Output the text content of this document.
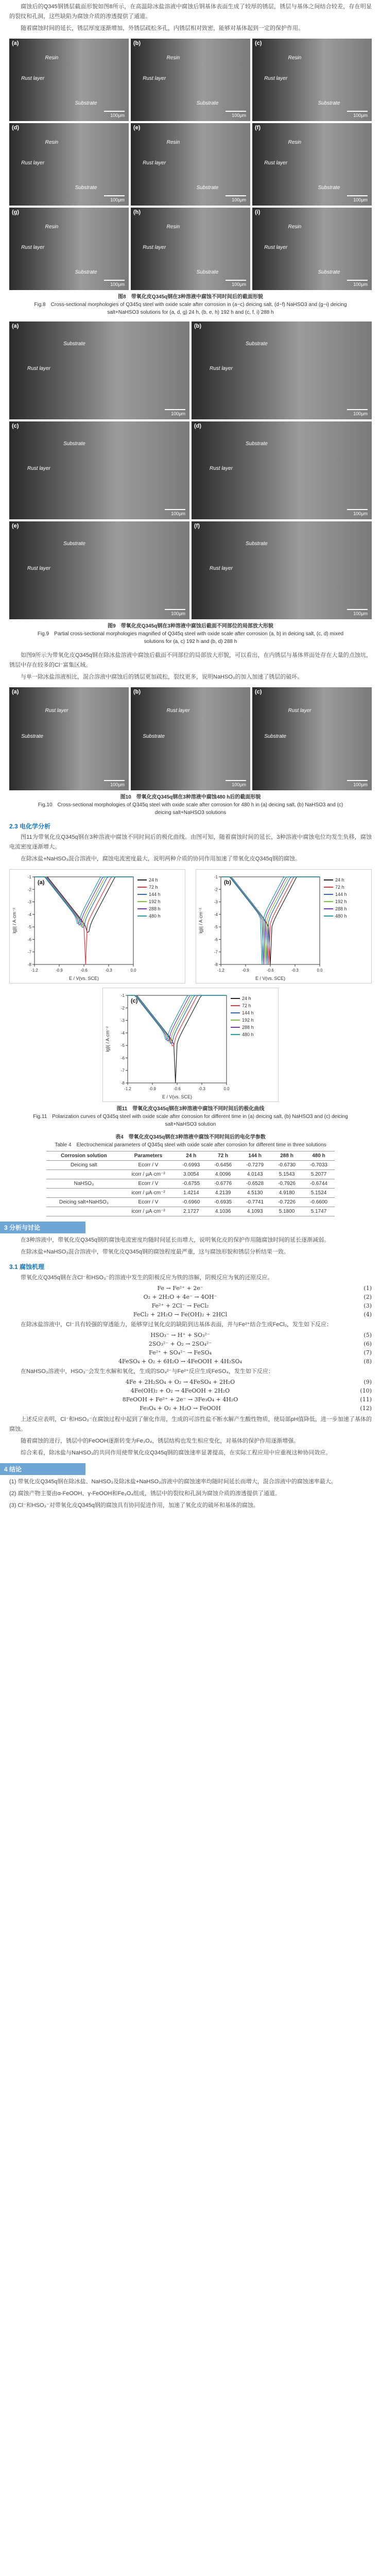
腐蚀后的Q345钢锈层截面形貌如图8所示，在高温除冰盐溶液中腐蚀后钢基体表面生成了较厚的锈层，锈层与基体之间结合较差，存在明显的裂纹和孔洞，这些缺陷为腐蚀介质的渗透提供了通道。

随着腐蚀时间的延长，锈层厚度逐渐增加，外锈层疏松多孔，内锈层相对致密，能够对基体起到一定的保护作用。

(a)
Resin
Rust layer
Substrate
100μm
(b)
Resin
Rust layer
Substrate
100μm
(c)
Resin
Rust layer
Substrate
100μm
(d)
Resin
Rust layer
Substrate
100μm
(e)
Resin
Rust layer
Substrate
100μm
(f)
Resin
Rust layer
Substrate
100μm
(g)
Resin
Rust layer
Substrate
100μm
(h)
Resin
Rust layer
Substrate
100μm
(i)
Resin
Rust layer
Substrate
100μm
图8　带氧化皮Q345q钢在3种溶液中腐蚀不同时间后的截面形貌
Fig.8　Cross-sectional morphologies of Q345q steel with oxide scale after corrosion in (a~c) deicing salt, (d~f) NaHSO3 and (g~i) deicing salt+NaHSO3 solutions for (a, d, g) 24 h, (b, e, h) 192 h and (c, f, i) 288 h
(a)
Substrate
Rust layer
100μm
(b)
Substrate
Rust layer
100μm
(c)
Substrate
Rust layer
100μm
(d)
Substrate
Rust layer
100μm
(e)
Substrate
Rust layer
100μm
(f)
Substrate
Rust layer
100μm
图9　带氧化皮Q345q钢在3种溶液中腐蚀后截面不同部位的局部放大形貌
Fig.9　Partial cross-sectional morphologies magnified of Q345q steel with oxide scale after corrosion (a, b) in deicing salt, (c, d) mixed solutions for (a, c) 192 h and (b, d) 288 h

如图9所示为带氧化皮Q345q钢在除冰盐溶液中腐蚀后截面不同部位的局部放大形貌，可以看出，在内锈层与基体界面处存在大量的点蚀坑，锈层中存在较多的Cl⁻富集区域。

与单一除冰盐溶液相比，混合溶液中腐蚀后的锈层更加疏松，裂纹更多，说明NaHSO₃的加入加速了锈层的破坏。

(a)
Rust layer
Substrate
100μm
(b)
Rust layer
Substrate
100μm
(c)
Rust layer
Substrate
100μm
图10　带氧化皮Q345q钢在3种溶液中腐蚀480 h后的截面形貌
Fig.10　Cross-sectional morphologies of Q345q steel with oxide scale after corrosion for 480 h in (a) deicing salt, (b) NaHSO3 and (c) deicing salt+NaHSO3 solutions
2.3 电化学分析

图11为带氧化皮Q345q钢在3种溶液中腐蚀不同时间后的极化曲线。由图可知，随着腐蚀时间的延长，3种溶液中腐蚀电位均发生负移，腐蚀电流密度逐渐增大。

在除冰盐+NaHSO₃混合溶液中，腐蚀电流密度最大，说明两种介质的协同作用加速了带氧化皮Q345q钢的腐蚀。

-1.2	-0.9	-0.6	-0.3	0.0
-8
-7
-6
-5
-4
-3
-2
-1
E / V(vs. SCE)
lg|i| / A·cm⁻²
(a)	24 h
72 h
144 h
192 h
288 h
480 h
-1.2	-0.9	-0.6	-0.3	0.0
-8
-7
-6
-5
-4
-3
-2
-1
E / V(vs. SCE)
lg|i| / A·cm⁻²
(b)	24 h
72 h
144 h
192 h
288 h
480 h
-1.2	-0.9	-0.6	-0.3	0.0
-8
-7
-6
-5
-4
-3
-2
-1
E / V(vs. SCE)
lg|i| / A·cm⁻²
(c)	24 h
72 h
144 h
192 h
288 h
480 h
图11　带氧化皮Q345q钢在3种溶液中腐蚀不同时间后的极化曲线
Fig.11　Polarization curves of Q345q steel with oxide scale after corrosion for different time in (a) deicing salt, (b) NaHSO3 and (c) deicing salt+NaHSO3 solution
表4　带氧化皮Q345q钢在3种溶液中腐蚀不同时间后的电化学参数
Table 4　Electrochemical parameters of Q345q steel with oxide scale after corrosion for different time in three solutions
Corrosion solution	Parameters	24 h	72 h	144 h	288 h	480 h
Deicing salt	Ecorr / V	-0.6993	-0.6456	-0.7279	-0.6730	-0.7033
	icorr / μA·cm⁻²	3.0054	4.0096	4.0143	5.1543	5.2077
NaHSO₃	Ecorr / V	-0.6755	-0.6776	-0.6528	-0.7926	-0.6744
	icorr / μA·cm⁻²	1.4214	4.2139	4.5130	4.9180	5.1524
Deicing salt+NaHSO₃	Ecorr / V	-0.6960	-0.6935	-0.7741	-0.7226	-0.6600
	icorr / μA·cm⁻²	2.1727	4.1036	4.1093	5.1800	5.1747
3 分析与讨论

在3种溶液中，带氧化皮Q345q钢的腐蚀电流密度均随时间延长而增大，说明氧化皮的保护作用随腐蚀时间的延长逐渐减弱。

在除冰盐+NaHSO₃混合溶液中，带氧化皮Q345q钢的腐蚀程度最严重，这与腐蚀形貌和锈层分析结果一致。

3.1 腐蚀机理

带氧化皮Q345q钢在含Cl⁻和HSO₃⁻的溶液中发生的阳极反应为铁的溶解，阴极反应为氧的还原反应。

Fe → Fe²⁺ + 2e⁻	(1)
O₂ + 2H₂O + 4e⁻ → 4OH⁻	(2)
Fe²⁺ + 2Cl⁻ → FeCl₂	(3)
FeCl₂ + 2H₂O → Fe(OH)₂ + 2HCl	(4)

在除冰盐溶液中，Cl⁻具有较强的穿透能力，能够穿过氧化皮的缺陷到达基体表面，并与Fe²⁺结合生成FeCl₂，发生如下反应：

HSO₃⁻ → H⁺ + SO₃²⁻	(5)
2SO₃²⁻ + O₂ → 2SO₄²⁻	(6)
Fe²⁺ + SO₄²⁻ → FeSO₄	(7)
4FeSO₄ + O₂ + 6H₂O → 4FeOOH + 4H₂SO₄	(8)

在NaHSO₃溶液中，HSO₃⁻会发生水解和氧化，生成的SO₄²⁻与Fe²⁺反应生成FeSO₄，发生如下反应：

4Fe + 2H₂SO₄ + O₂ → 4FeSO₄ + 2H₂O	(9)
4Fe(OH)₂ + O₂ → 4FeOOH + 2H₂O	(10)
8FeOOH + Fe²⁺ + 2e⁻ → 3Fe₃O₄ + 4H₂O	(11)
Fe₃O₄ + O₂ + H₂O → FeOOH	(12)

上述反应表明，Cl⁻和HSO₃⁻在腐蚀过程中起到了催化作用，生成的可溶性盐不断水解产生酸性物质，使局部pH值降低，进一步加速了基体的腐蚀。

随着腐蚀的进行，锈层中的FeOOH逐渐转变为Fe₃O₄，锈层结构也发生相应变化，对基体的保护作用逐渐增强。

综合来看，除冰盐与NaHSO₃的共同作用使带氧化皮Q345q钢的腐蚀速率显著提高，在实际工程应用中应重视这种协同效应。

4 结论
(1) 带氧化皮Q345q钢在除冰盐、NaHSO₃及除冰盐+NaHSO₃溶液中的腐蚀速率均随时间延长而增大，混合溶液中的腐蚀速率最大。
(2) 腐蚀产物主要由α-FeOOH、γ-FeOOH和Fe₃O₄组成，锈层中的裂纹和孔洞为腐蚀介质的渗透提供了通道。
(3) Cl⁻和HSO₃⁻对带氧化皮Q345q钢的腐蚀具有协同促进作用，加速了氧化皮的破坏和基体的腐蚀。
